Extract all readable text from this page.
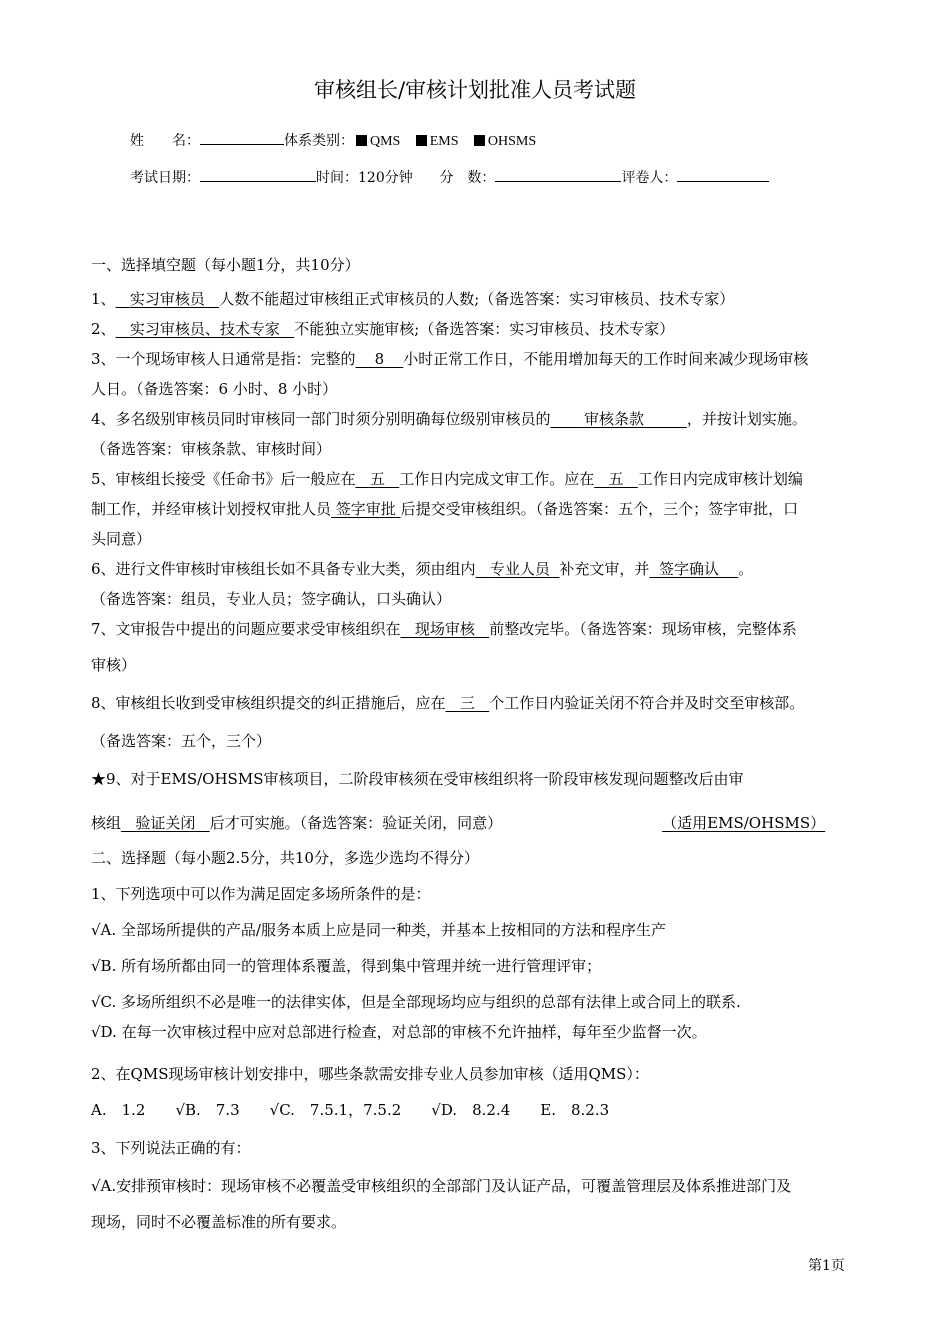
审核组长/审核计划批准人员考试题
姓　　名：	体系类别： QMS EMS OHSMS
考试日期：	时间：120分钟 分　数：	评卷人：

一、选择填空题（每小题1分，共10分）

1、 实习审核员 人数不能超过审核组正式审核员的人数;（备选答案：实习审核员、技术专家）

2、 实习审核员、技术专家 不能独立实施审核;（备选答案：实习审核员、技术专家）

3、一个现场审核人日通常是指：完整的 8 小时正常工作日，不能用增加每天的工作时间来减少现场审核

人日。（备选答案：6 小时、8 小时）

4、多名级别审核员同时审核同一部门时须分别明确每位级别审核员的 审核条款	，并按计划实施。

（备选答案：审核条款、审核时间）

5、审核组长接受《任命书》后一般应在 五 工作日内完成文审工作。应在 五 工作日内完成审核计划编

制工作，并经审核计划授权审批人员 签字审批 后提交受审核组织。（备选答案：五个，三个；签字审批，口

头同意）

6、进行文件审核时审核组长如不具备专业大类，须由组内 专业人员 补充文审，并 签字确认 。

（备选答案：组员，专业人员；签字确认，口头确认）

7、文审报告中提出的问题应要求受审核组织在 现场审核 前整改完毕。（备选答案：现场审核，完整体系

审核）

8、审核组长收到受审核组织提交的纠正措施后，应在 三 个工作日内验证关闭不符合并及时交至审核部。

（备选答案：五个，三个）

★9、对于EMS/OHSMS审核项目，二阶段审核须在受审核组织将一阶段审核发现问题整改后由审

核组 验证关闭 后才可实施。（备选答案：验证关闭，同意）	（适用EMS/OHSMS）

二、选择题（每小题2.5分，共10分，多选少选均不得分）

1、下列选项中可以作为满足固定多场所条件的是：

√A. 全部场所提供的产品/服务本质上应是同一种类，并基本上按相同的方法和程序生产

√B. 所有场所都由同一的管理体系覆盖，得到集中管理并统一进行管理评审；

√C. 多场所组织不必是唯一的法律实体，但是全部现场均应与组织的总部有法律上或合同上的联系.

√D. 在每一次审核过程中应对总部进行检查，对总部的审核不允许抽样，每年至少监督一次。

2、在QMS现场审核计划安排中，哪些条款需安排专业人员参加审核（适用QMS）：

A.　1.2　　√B.　7.3　　√C.　7.5.1，7.5.2　　√D.　8.2.4　　E.　8.2.3

3、下列说法正确的有：

√A.安排预审核时：现场审核不必覆盖受审核组织的全部部门及认证产品，可覆盖管理层及体系推进部门及

现场，同时不必覆盖标准的所有要求。

第1页
